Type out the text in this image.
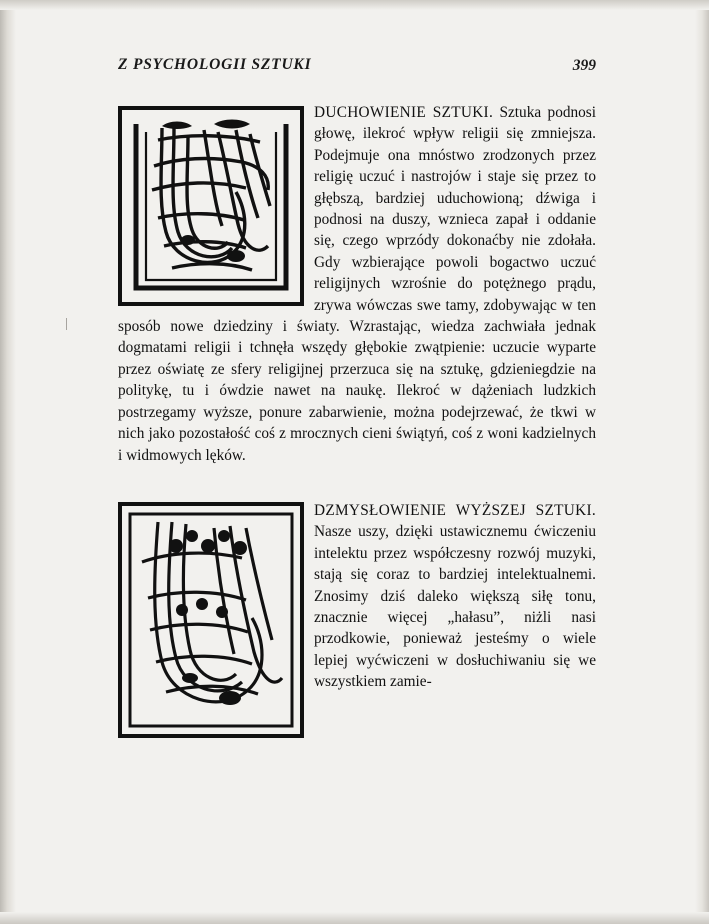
Z PSYCHOLOGII SZTUKI	399
DUCHOWIENIE SZTUKI. Sztuka podnosi głowę, ilekroć wpływ religii się zmniejsza. Podejmuje ona mnóstwo zrodzonych przez religię uczuć i nastrojów i staje się przez to głębszą, bardziej uduchowioną; dźwiga i podnosi na duszy, wznieca zapał i oddanie się, czego wprzódy dokonaćby nie zdołała. Gdy wzbierające powoli bogactwo uczuć religijnych wzrośnie do potężnego prądu, zrywa wówczas swe tamy, zdobywając w ten sposób nowe dziedziny i światy. Wzrastając, wiedza zachwiała jednak dogmatami religii i tchnęła wszędy głębokie zwątpienie: uczucie wyparte przez oświatę ze sfery religijnej przerzuca się na sztukę, gdzieniegdzie na politykę, tu i ówdzie nawet na naukę. Ilekroć w dążeniach ludzkich postrzegamy wyższe, ponure zabarwienie, można podejrzewać, że tkwi w nich jako pozostałość coś z mrocznych cieni świątyń, coś z woni kadzielnych i widmowych lęków.
DZMYSŁOWIENIE WYŻSZEJ SZTUKI. Nasze uszy, dzięki ustawicznemu ćwiczeniu intelektu przez współczesny rozwój muzyki, stają się coraz to bardziej intelektualnemi. Znosimy dziś daleko większą siłę tonu, znacznie więcej „hałasu”, niżli nasi przodkowie, ponieważ jesteśmy o wiele lepiej wyćwiczeni w dosłuchiwaniu się we wszystkiem zamie-
